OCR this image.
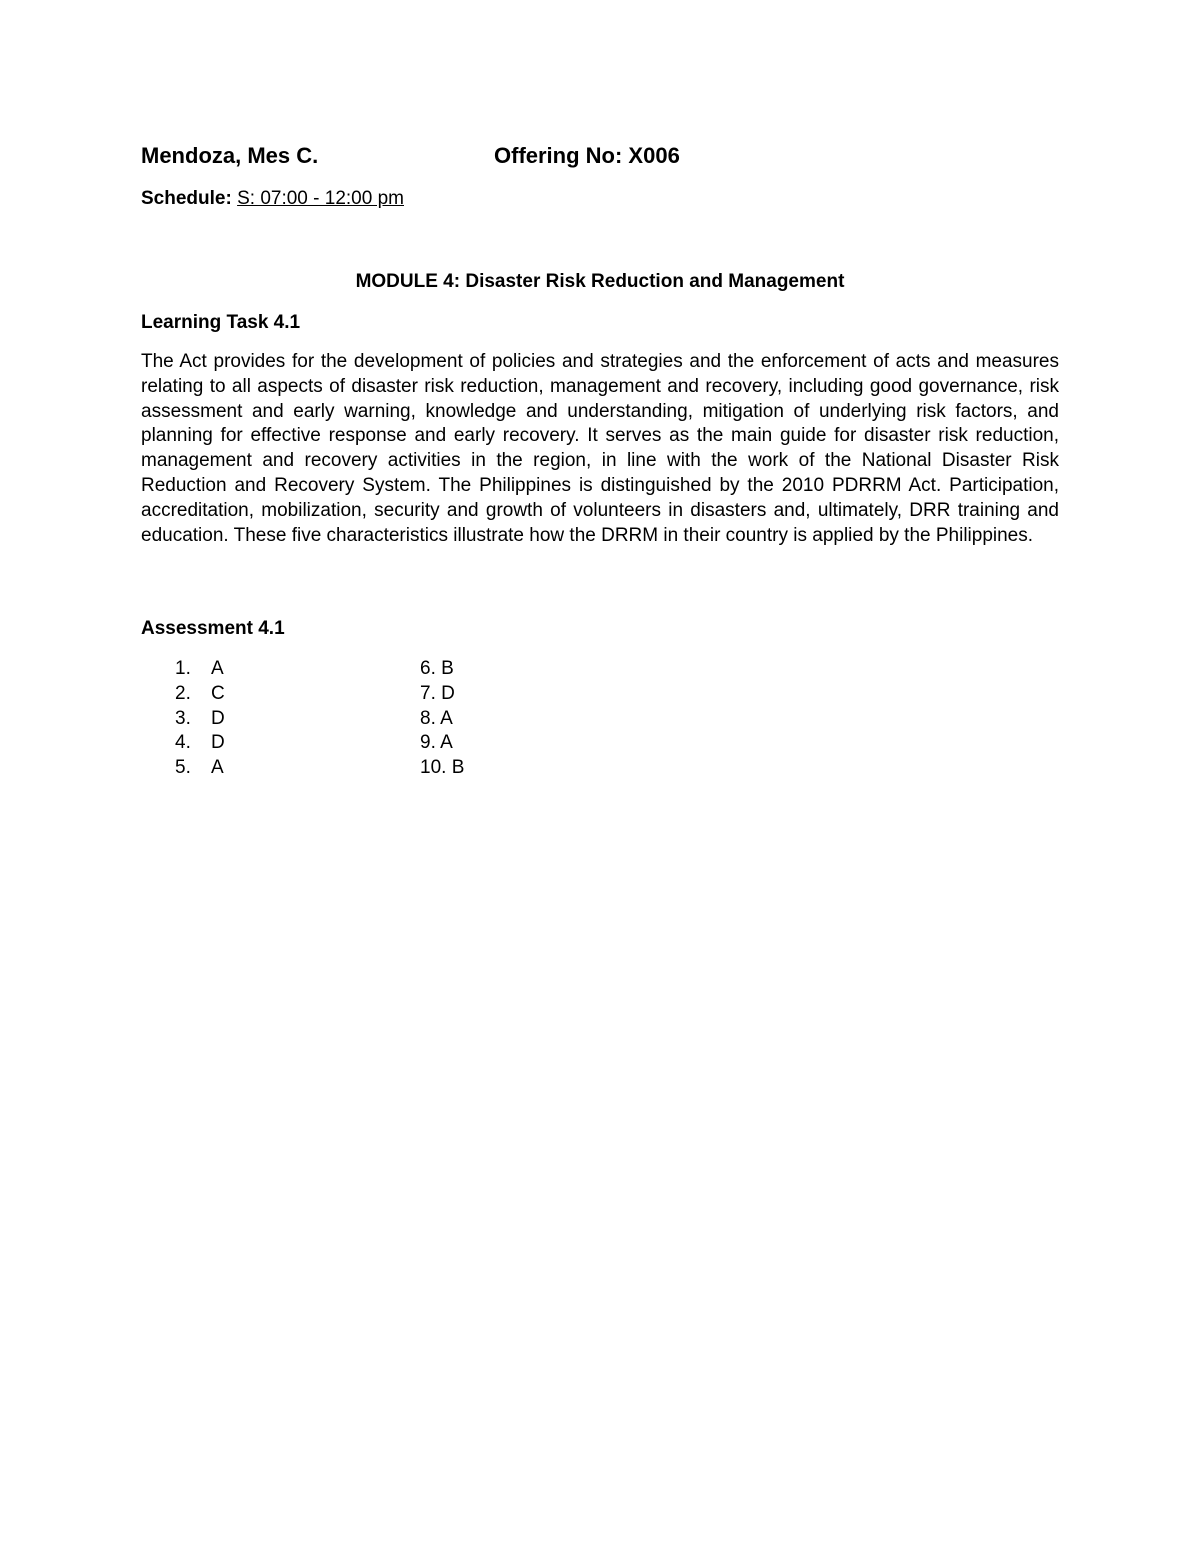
Mendoza, Mes C.	Offering No: X006
Schedule: S: 07:00 - 12:00 pm
MODULE 4: Disaster Risk Reduction and Management
Learning Task 4.1

The Act provides for the development of policies and strategies and the enforcement of acts and measures relating to all aspects of disaster risk reduction, management and recovery, including good governance, risk assessment and early warning, knowledge and understanding, mitigation of underlying risk factors, and planning for effective response and early recovery. It serves as the main guide for disaster risk reduction, management and recovery activities in the region, in line with the work of the National Disaster Risk Reduction and Recovery System. The Philippines is distinguished by the 2010 PDRRM Act. Participation, accreditation, mobilization, security and growth of volunteers in disasters and, ultimately, DRR training and education. These five characteristics illustrate how the DRRM in their country is applied by the Philippines.

Assessment 4.1
1. A
2. C
3. D
4. D
5. A
6. B
7. D
8. A
9. A
10. B
